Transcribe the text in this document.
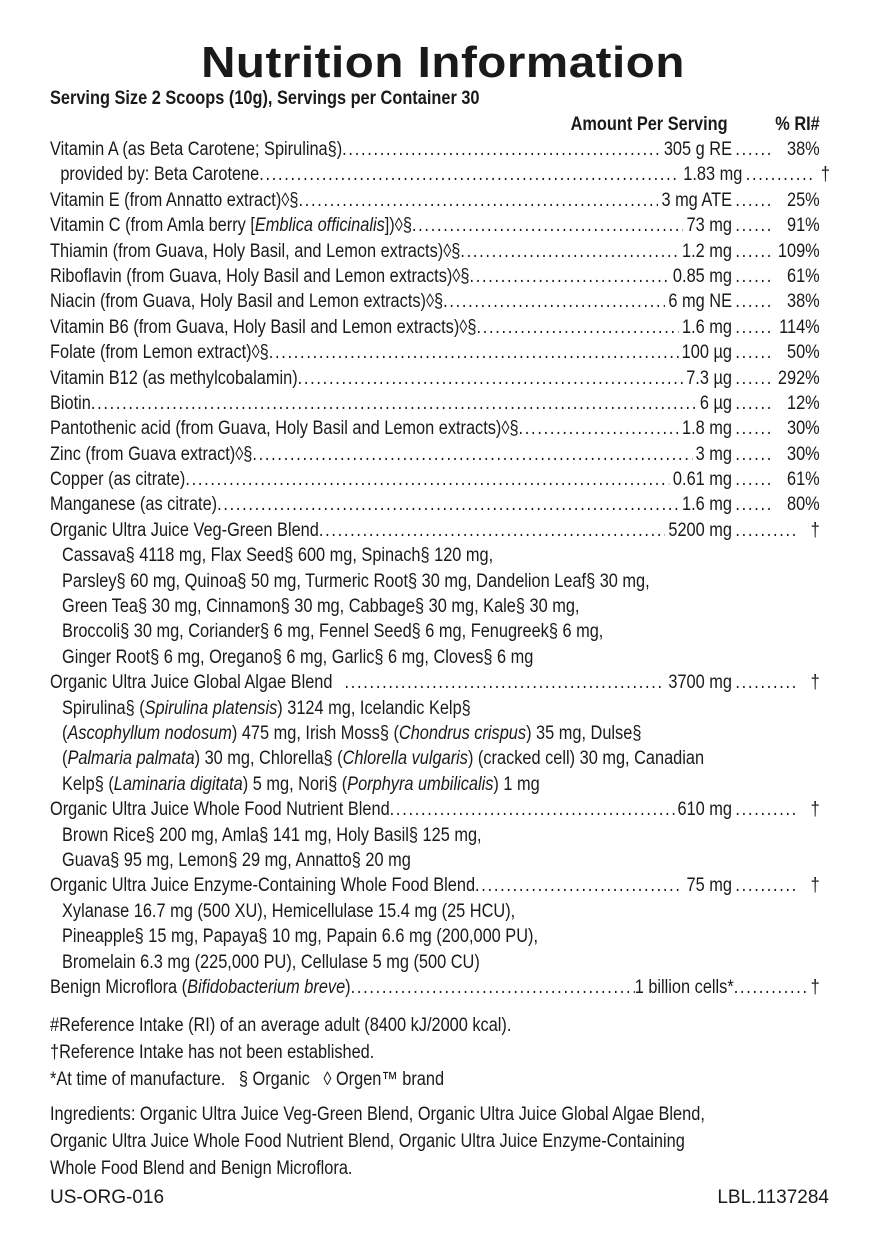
Nutrition Information
Serving Size 2 Scoops (10g), Servings per Container 30
Amount Per Serving % RI#
Vitamin A (as Beta Carotene; Spirulina§) .....	305 g RE .....	38%
provided by: Beta Carotene .....	1.83 mg .....	†
Vitamin E (from Annatto extract)◊§ .....	3 mg ATE .....	25%
Vitamin C (from Amla berry [Emblica officinalis])◊§ .....	73 mg .....	91%
Thiamin (from Guava, Holy Basil, and Lemon extracts)◊§ .....	1.2 mg ..... 109%
Riboflavin (from Guava, Holy Basil and Lemon extracts)◊§ .....	0.85 mg .....	61%
Niacin (from Guava, Holy Basil and Lemon extracts)◊§ .....	6 mg NE .....	38%
Vitamin B6 (from Guava, Holy Basil and Lemon extracts)◊§ .....	1.6 mg .....	114%
Folate (from Lemon extract)◊§ .....	100 µg .....	50%
Vitamin B12 (as methylcobalamin) .....	7.3 µg ..... 292%
Biotin .....	6 µg .....	12%
Pantothenic acid (from Guava, Holy Basil and Lemon extracts)◊§ .....	1.8 mg .....	30%
Zinc (from Guava extract)◊§ .....	3 mg .....	30%
Copper (as citrate) .....	0.61 mg .....	61%
Manganese (as citrate) .....	1.6 mg .....	80%
Organic Ultra Juice Veg-Green Blend .....	5200 mg .....	†
Cassava§ 4118 mg, Flax Seed§ 600 mg, Spinach§ 120 mg,
Parsley§ 60 mg, Quinoa§ 50 mg, Turmeric Root§ 30 mg, Dandelion Leaf§ 30 mg,
Green Tea§ 30 mg, Cinnamon§ 30 mg, Cabbage§ 30 mg, Kale§ 30 mg,
Broccoli§ 30 mg, Coriander§ 6 mg, Fennel Seed§ 6 mg, Fenugreek§ 6 mg,
Ginger Root§ 6 mg, Oregano§ 6 mg, Garlic§ 6 mg, Cloves§ 6 mg
Organic Ultra Juice Global Algae Blend .....	3700 mg .....	†
Spirulina§ (Spirulina platensis) 3124 mg, Icelandic Kelp§
(Ascophyllum nodosum) 475 mg, Irish Moss§ (Chondrus crispus) 35 mg, Dulse§
(Palmaria palmata) 30 mg, Chlorella§ (Chlorella vulgaris) (cracked cell) 30 mg, Canadian
Kelp§ (Laminaria digitata) 5 mg, Nori§ (Porphyra umbilicalis) 1 mg
Organic Ultra Juice Whole Food Nutrient Blend .....	610 mg .....	†
Brown Rice§ 200 mg, Amla§ 141 mg, Holy Basil§ 125 mg,
Guava§ 95 mg, Lemon§ 29 mg, Annatto§ 20 mg
Organic Ultra Juice Enzyme-Containing Whole Food Blend .....	75 mg .....	†
Xylanase 16.7 mg (500 XU), Hemicellulase 15.4 mg (25 HCU),
Pineapple§ 15 mg, Papaya§ 10 mg, Papain 6.6 mg (200,000 PU),
Bromelain 6.3 mg (225,000 PU), Cellulase 5 mg (500 CU)
Benign Microflora (Bifidobacterium breve) .....	1 billion cells* .....	†
#Reference Intake (RI) of an average adult (8400 kJ/2000 kcal).
†Reference Intake has not been established.
*At time of manufacture.   § Organic   ◊ Orgen™ brand
Ingredients: Organic Ultra Juice Veg-Green Blend, Organic Ultra Juice Global Algae Blend,
Organic Ultra Juice Whole Food Nutrient Blend, Organic Ultra Juice Enzyme-Containing
Whole Food Blend and Benign Microflora.
US-ORG-016	LBL.1137284
